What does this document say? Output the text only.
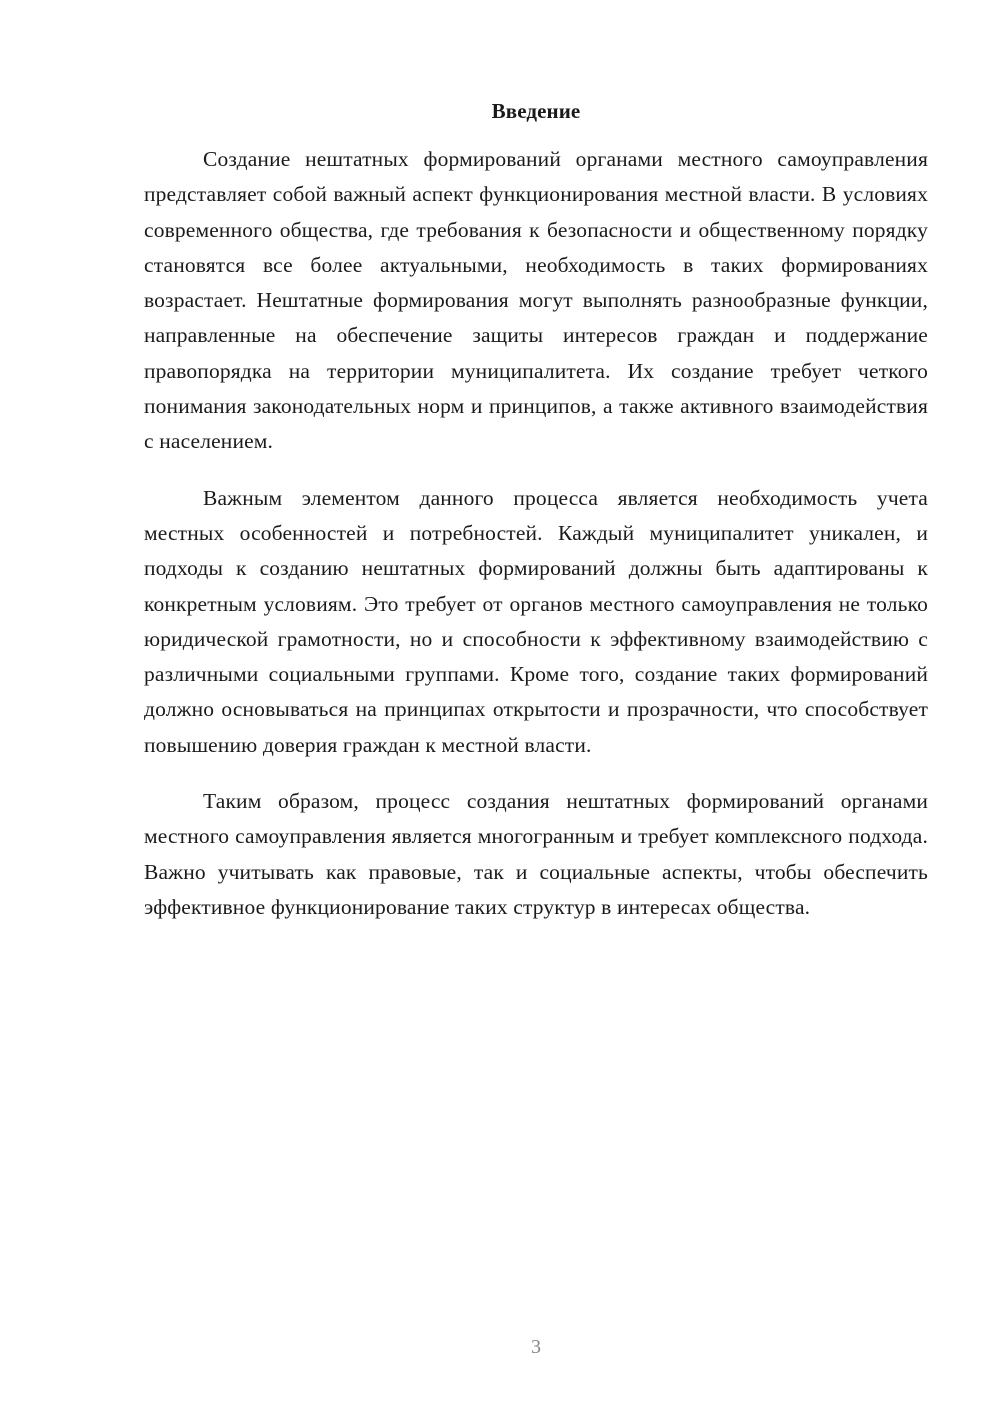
Введение

Создание нештатных формирований органами местного самоуправления представляет собой важный аспект функционирования местной власти. В условиях современного общества, где требования к безопасности и общественному порядку становятся все более актуальными, необходимость в таких формированиях возрастает. Нештатные формирования могут выполнять разнообразные функции, направленные на обеспечение защиты интересов граждан и поддержание правопорядка на территории муниципалитета. Их создание требует четкого понимания законодательных норм и принципов, а также активного взаимодействия с населением.

Важным элементом данного процесса является необходимость учета местных особенностей и потребностей. Каждый муниципалитет уникален, и подходы к созданию нештатных формирований должны быть адаптированы к конкретным условиям. Это требует от органов местного самоуправления не только юридической грамотности, но и способности к эффективному взаимодействию с различными социальными группами. Кроме того, создание таких формирований должно основываться на принципах открытости и прозрачности, что способствует повышению доверия граждан к местной власти.

Таким образом, процесс создания нештатных формирований органами местного самоуправления является многогранным и требует комплексного подхода. Важно учитывать как правовые, так и социальные аспекты, чтобы обеспечить эффективное функционирование таких структур в интересах общества.

3
